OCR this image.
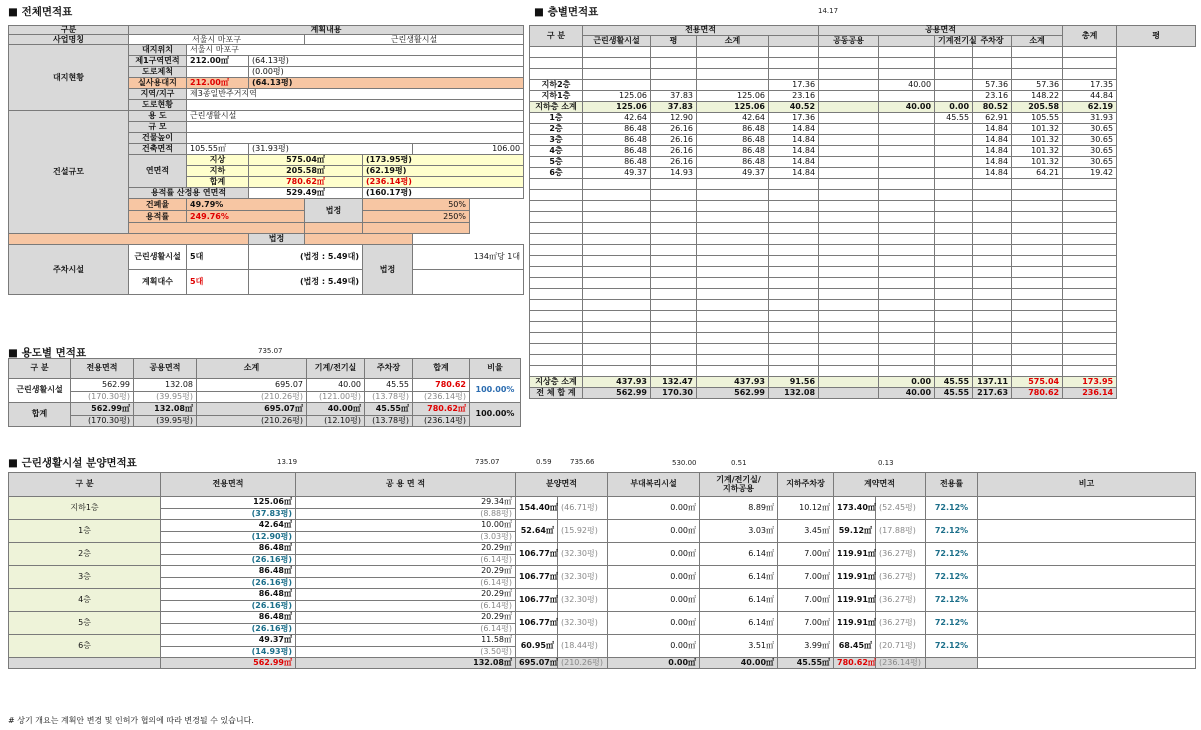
■ 전체면적표
구분	계획내용					
사업명칭	서울시 마포구			근린생활시설		
대지현황	대지위치	서울시 마포구				
	제1구역면적	212.00㎡	(64.13평)			
	도로제척		(0.00평)			
	실사용대지	212.00㎡	(64.13평)			
	지역/지구	제3종일반주거지역				
	도로현황					
건설규모	용 도	근린생활시설				
	규 모					
	건물높이					
	건축면적	105.55㎡	(31.93평)			106.00
	연면적	지상	575.04㎡		(173.95평)	
		지하	205.58㎡		(62.19평)	
		합계	780.62㎡		(236.14평)	
	용적률 산정용 연면적		529.49㎡		(160.17평)	
	건폐율	49.79%		법정	50%	
	용적률	249.76%			250%	

			법정			
주차시설	근린생활시설	5대	(법정 : 5.49대)		법정	134㎡당 1대
	계획대수	5대	(법정 : 5.49대)			
■ 용도별 면적표	735.07
구 분	전용면적	공용면적	소계	기계/전기실	주차장	합계	비율
근린생활시설	562.99	132.08	695.07	40.00	45.55	780.62	100.00%
	(170.30평)	(39.95평)	(210.26평)	(121.00평)	(13.78평)	(236.14평)	
합계	562.99㎡	132.08㎡	695.07㎡	40.00㎡	45.55㎡	780.62㎡	100.00%
	(170.30평)	(39.95평)	(210.26평)	(12.10평)	(13.78평)	(236.14평)	
■ 층별면적표	14.17
구 분	전용면적				공용면적					총계	평
	근린생활시설	평	소계		공동공용		기계전기실	주차장	소계		

지하2층				17.36		40.00		57.36	57.36	17.35	
지하1층	125.06	37.83	125.06	23.16				23.16	148.22	44.84	
지하층 소계	125.06	37.83	125.06	40.52		40.00	0.00	80.52	205.58	62.19	
1층	42.64	12.90	42.64	17.36			45.55	62.91	105.55	31.93	
2층	86.48	26.16	86.48	14.84				14.84	101.32	30.65	
3층	86.48	26.16	86.48	14.84				14.84	101.32	30.65	
4층	86.48	26.16	86.48	14.84				14.84	101.32	30.65	
5층	86.48	26.16	86.48	14.84				14.84	101.32	30.65	
6층	49.37	14.93	49.37	14.84				14.84	64.21	19.42	

지상층 소계	437.93	132.47	437.93	91.56		0.00	45.55	137.11	575.04	173.95	
전 체 합 계	562.99	170.30	562.99	132.08		40.00	45.55	217.63	780.62	236.14	
530.00	0.51	0.13
■ 근린생활시설 분양면적표	13.19	735.07	0.59	735.66
구 분	전용면적	공 용 면 적	분양면적		부대복리시설	기계/전기실/
지하공용	지하주차장	계약면적		전용률	비고
지하1층	125.06㎡	29.34㎡	154.40㎡	(46.71평)	0.00㎡	8.89㎡	10.12㎡	173.40㎡	(52.45평)	72.12%	
	(37.83평)	(8.88평)									
1층	42.64㎡	10.00㎡	52.64㎡	(15.92평)	0.00㎡	3.03㎡	3.45㎡	59.12㎡	(17.88평)	72.12%	
	(12.90평)	(3.03평)									
2층	86.48㎡	20.29㎡	106.77㎡	(32.30평)	0.00㎡	6.14㎡	7.00㎡	119.91㎡	(36.27평)	72.12%	
	(26.16평)	(6.14평)									
3층	86.48㎡	20.29㎡	106.77㎡	(32.30평)	0.00㎡	6.14㎡	7.00㎡	119.91㎡	(36.27평)	72.12%	
	(26.16평)	(6.14평)									
4층	86.48㎡	20.29㎡	106.77㎡	(32.30평)	0.00㎡	6.14㎡	7.00㎡	119.91㎡	(36.27평)	72.12%	
	(26.16평)	(6.14평)									
5층	86.48㎡	20.29㎡	106.77㎡	(32.30평)	0.00㎡	6.14㎡	7.00㎡	119.91㎡	(36.27평)	72.12%	
	(26.16평)	(6.14평)									
6층	49.37㎡	11.58㎡	60.95㎡	(18.44평)	0.00㎡	3.51㎡	3.99㎡	68.45㎡	(20.71평)	72.12%	
	(14.93평)	(3.50평)									
	562.99㎡	132.08㎡	695.07㎡	(210.26평)	0.00㎡	40.00㎡	45.55㎡	780.62㎡	(236.14평)		
# 상기 개요는 계획안 변경 및 인허가 협의에 따라 변경될 수 있습니다.
